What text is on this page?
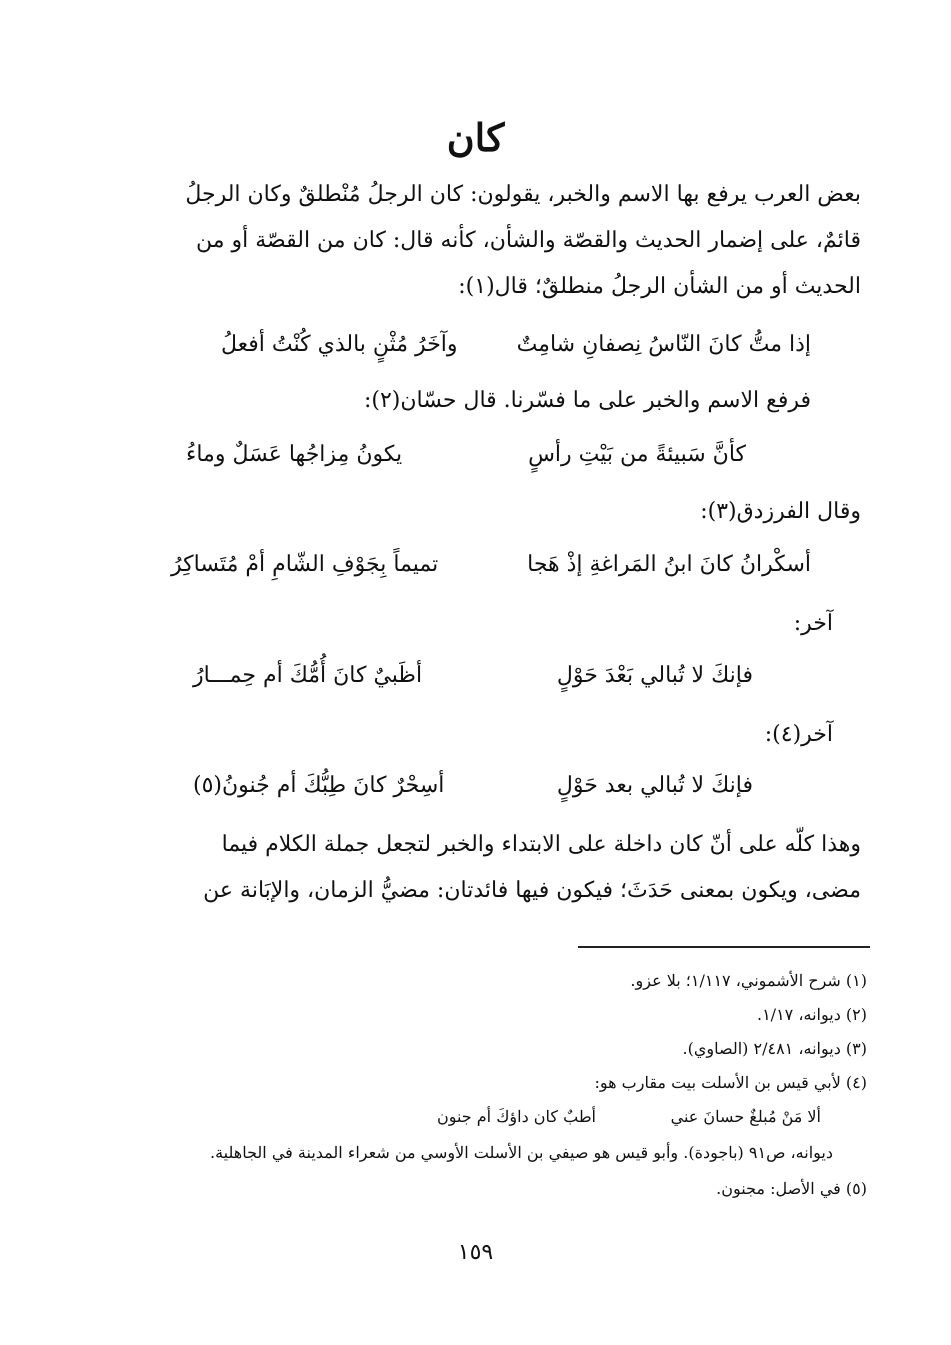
كان
بعض العرب يرفع بها الاسم والخبر، يقولون: كان الرجلُ مُنْطلقٌ وكان الرجلُ
قائمٌ، على إضمار الحديث والقصّة والشأن، كأنه قال: كان من القصّة أو من
الحديث أو من الشأن الرجلُ منطلقٌ؛ قال(١):
إذا متُّ كانَ النّاسُ نِصفانِ شامِتٌ
وآخَرُ مُثْنٍ بالذي كُنْتُ أفعلُ
فرفع الاسم والخبر على ما فسّرنا. قال حسّان(٢):
كأنَّ سَبيئةً من بَيْتِ رأسٍ
يكونُ مِزاجُها عَسَلٌ وماءُ
وقال الفرزدق(٣):
أسكْرانُ كانَ ابنُ المَراغةِ إذْ هَجا
تميماً بِجَوْفِ الشّامِ أمْ مُتَساكِرُ
آخر:
فإنكَ لا تُبالي بَعْدَ حَوْلٍ
أظَبيٌ كانَ أُمُّكَ أم حِمـــارُ
آخر(٤):
فإنكَ لا تُبالي بعد حَوْلٍ
أسِحْرٌ كانَ طِبُّكَ أم جُنونُ(٥)
وهذا كلّه على أنّ كان داخلة على الابتداء والخبر لتجعل جملة الكلام فيما
مضى، ويكون بمعنى حَدَثَ؛ فيكون فيها فائدتان: مضيُّ الزمان، والإبَانة عن
(١) شرح الأشموني، ١/١١٧؛ بلا عزو.
(٢) ديوانه، ١/١٧.
(٣) ديوانه، ٢/٤٨١ (الصاوي).
(٤) لأبي قيس بن الأسلت بيت مقارب هو:
ألا مَنْ مُبلغٌ حسانَ عني
أطبٌ كان داؤكَ أم جنون
ديوانه، ص٩١ (باجودة). وأبو قيس هو صيفي بن الأسلت الأوسي من شعراء المدينة في الجاهلية.
(٥) في الأصل: مجنون.
١٥٩
